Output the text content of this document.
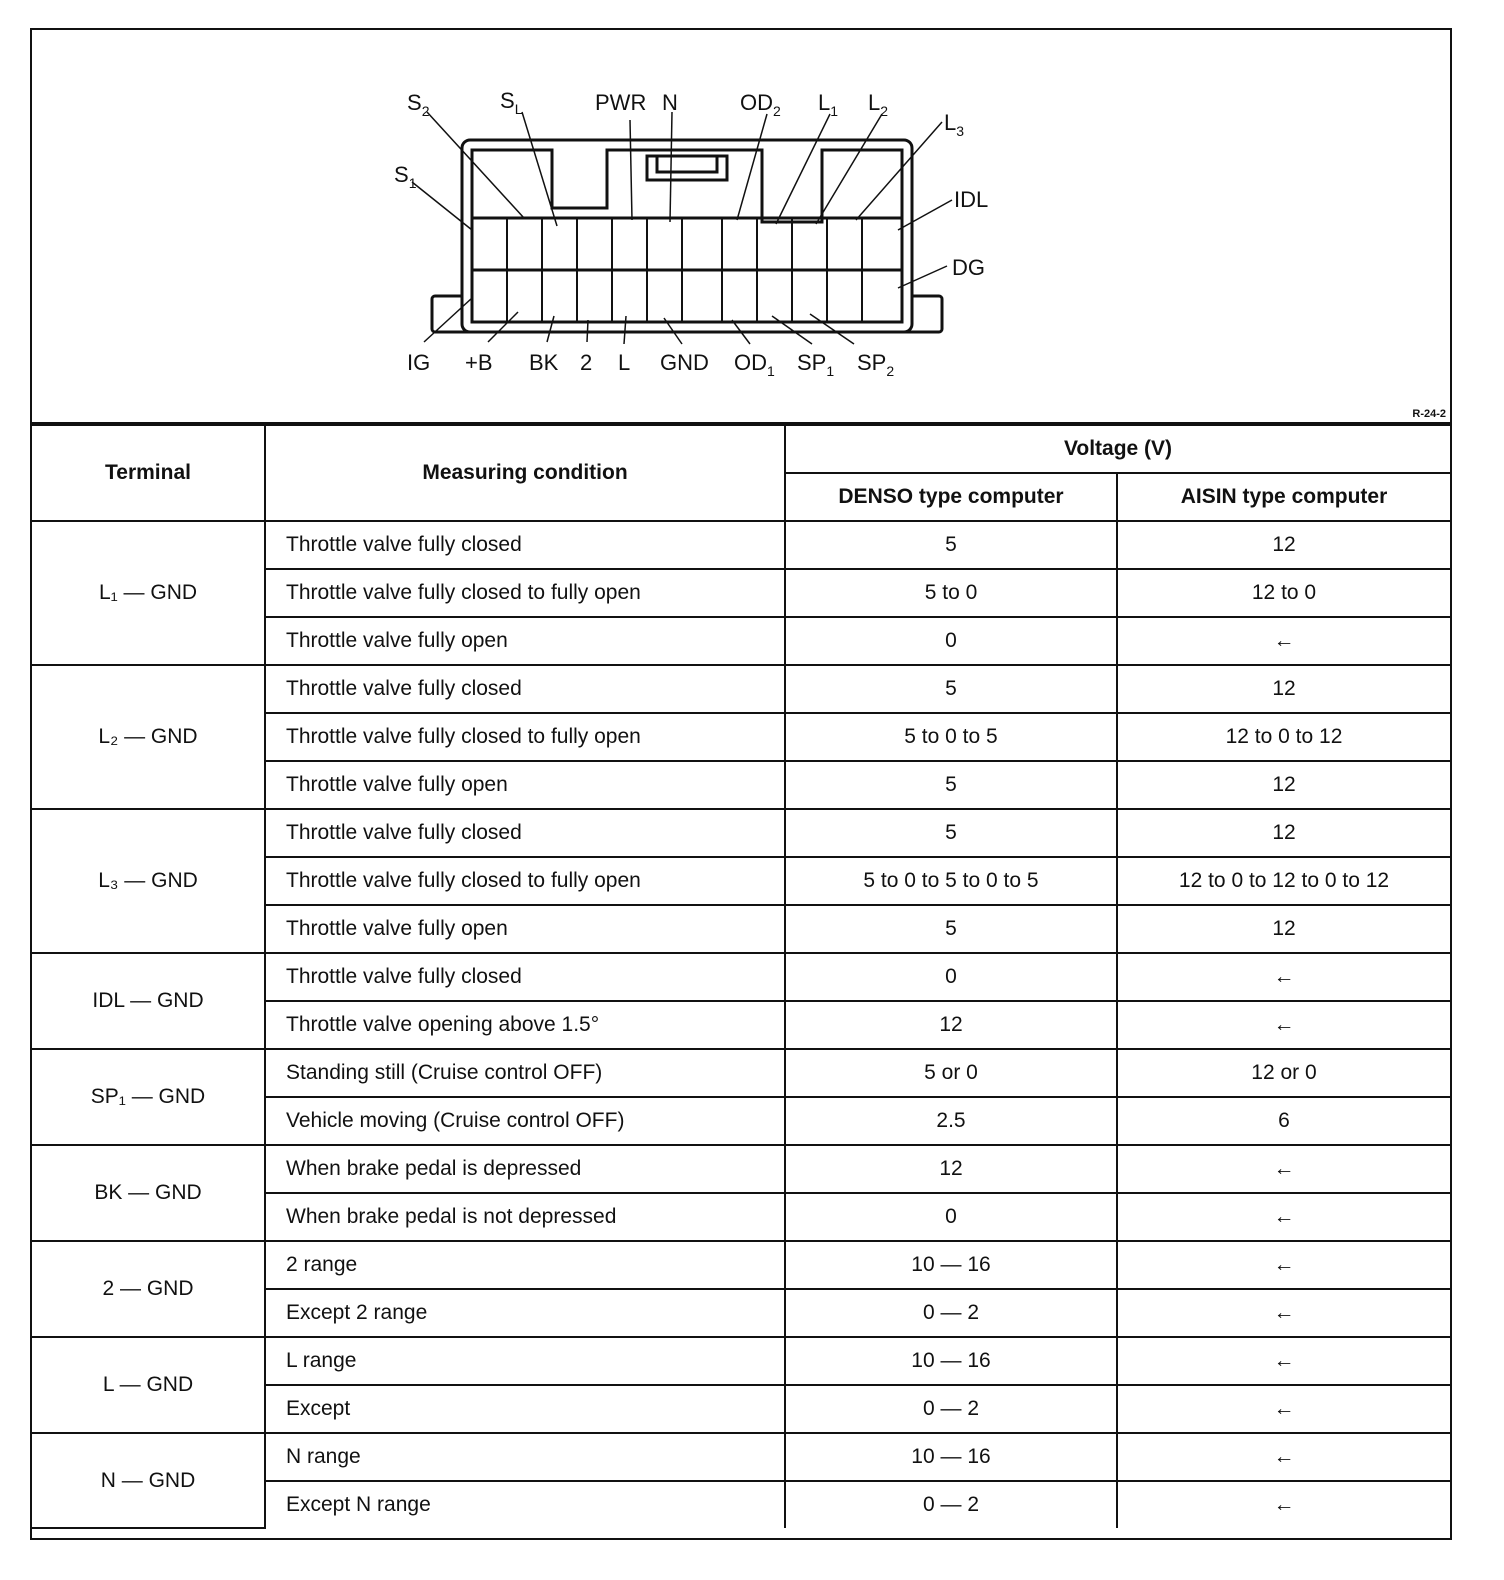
$S_2$	$S_L$	PWR N	$OD_2$ $L_1$ $L_2$	$L_3$
$S_1$
IDL
DG
IG +B BK 2 L GND $OD_1$ $SP_1$ $SP_2$
R-24-2
Terminal	Measuring condition	Voltage (V)	
		DENSO type computer	AISIN type computer
L₁ — GND	Throttle valve fully closed	5	12
	Throttle valve fully closed to fully open	5 to 0	12 to 0
	Throttle valve fully open	0	←
L₂ — GND	Throttle valve fully closed	5	12
	Throttle valve fully closed to fully open	5 to 0 to 5	12 to 0 to 12
	Throttle valve fully open	5	12
L₃ — GND	Throttle valve fully closed	5	12
	Throttle valve fully closed to fully open	5 to 0 to 5 to 0 to 5	12 to 0 to 12 to 0 to 12
	Throttle valve fully open	5	12
IDL — GND	Throttle valve fully closed	0	←
	Throttle valve opening above 1.5°	12	←
SP₁ — GND	Standing still (Cruise control OFF)	5 or 0	12 or 0
	Vehicle moving (Cruise control OFF)	2.5	6
BK — GND	When brake pedal is depressed	12	←
	When brake pedal is not depressed	0	←
2 — GND	2 range	10 — 16	←
	Except 2 range	0 — 2	←
L — GND	L range	10 — 16	←
	Except	0 — 2	←
N — GND	N range	10 — 16	←
	Except N range	0 — 2	←
